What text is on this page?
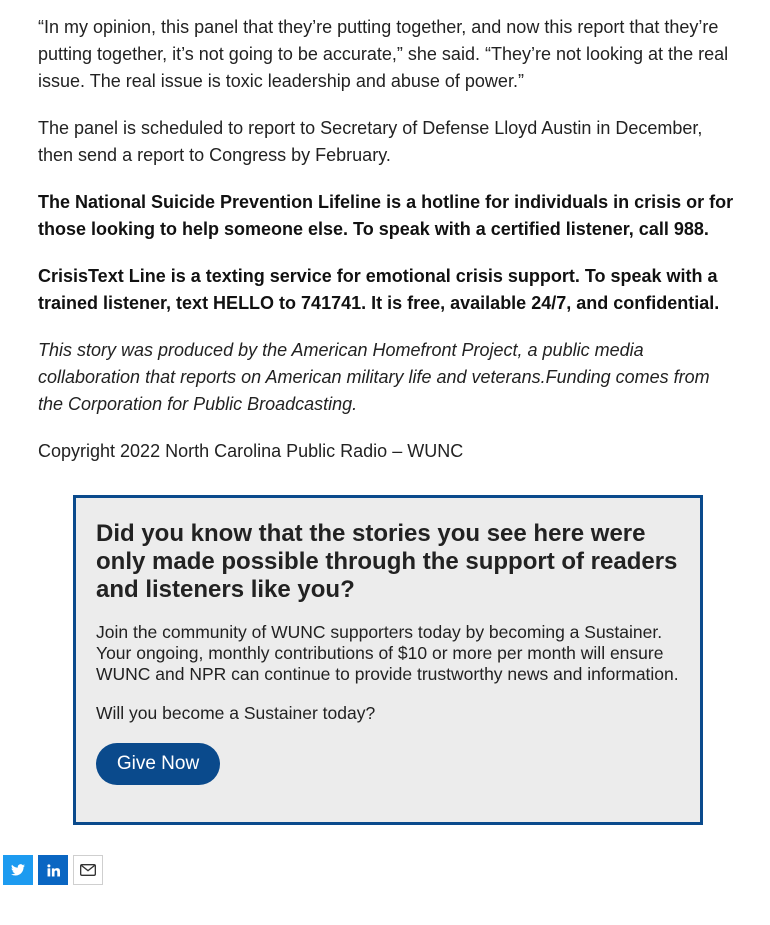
“In my opinion, this panel that they’re putting together, and now this report that they’re putting together, it’s not going to be accurate,” she said. “They’re not looking at the real issue. The real issue is toxic leadership and abuse of power.”

The panel is scheduled to report to Secretary of Defense Lloyd Austin in December, then send a report to Congress by February.

The National Suicide Prevention Lifeline is a hotline for individuals in crisis or for those looking to help someone else. To speak with a certified listener, call 988.

CrisisText Line is a texting service for emotional crisis support. To speak with a trained listener, text HELLO to 741741. It is free, available 24/7, and confidential.

This story was produced by the American Homefront Project, a public media collaboration that reports on American military life and veterans.Funding comes from the Corporation for Public Broadcasting.

Copyright 2022 North Carolina Public Radio – WUNC

Did you know that the stories you see here were only made possible through the support of readers and listeners like you?

Join the community of WUNC supporters today by becoming a Sustainer. Your ongoing, monthly contributions of $10 or more per month will ensure WUNC and NPR can continue to provide trustworthy news and information.

Will you become a Sustainer today?

Give Now
